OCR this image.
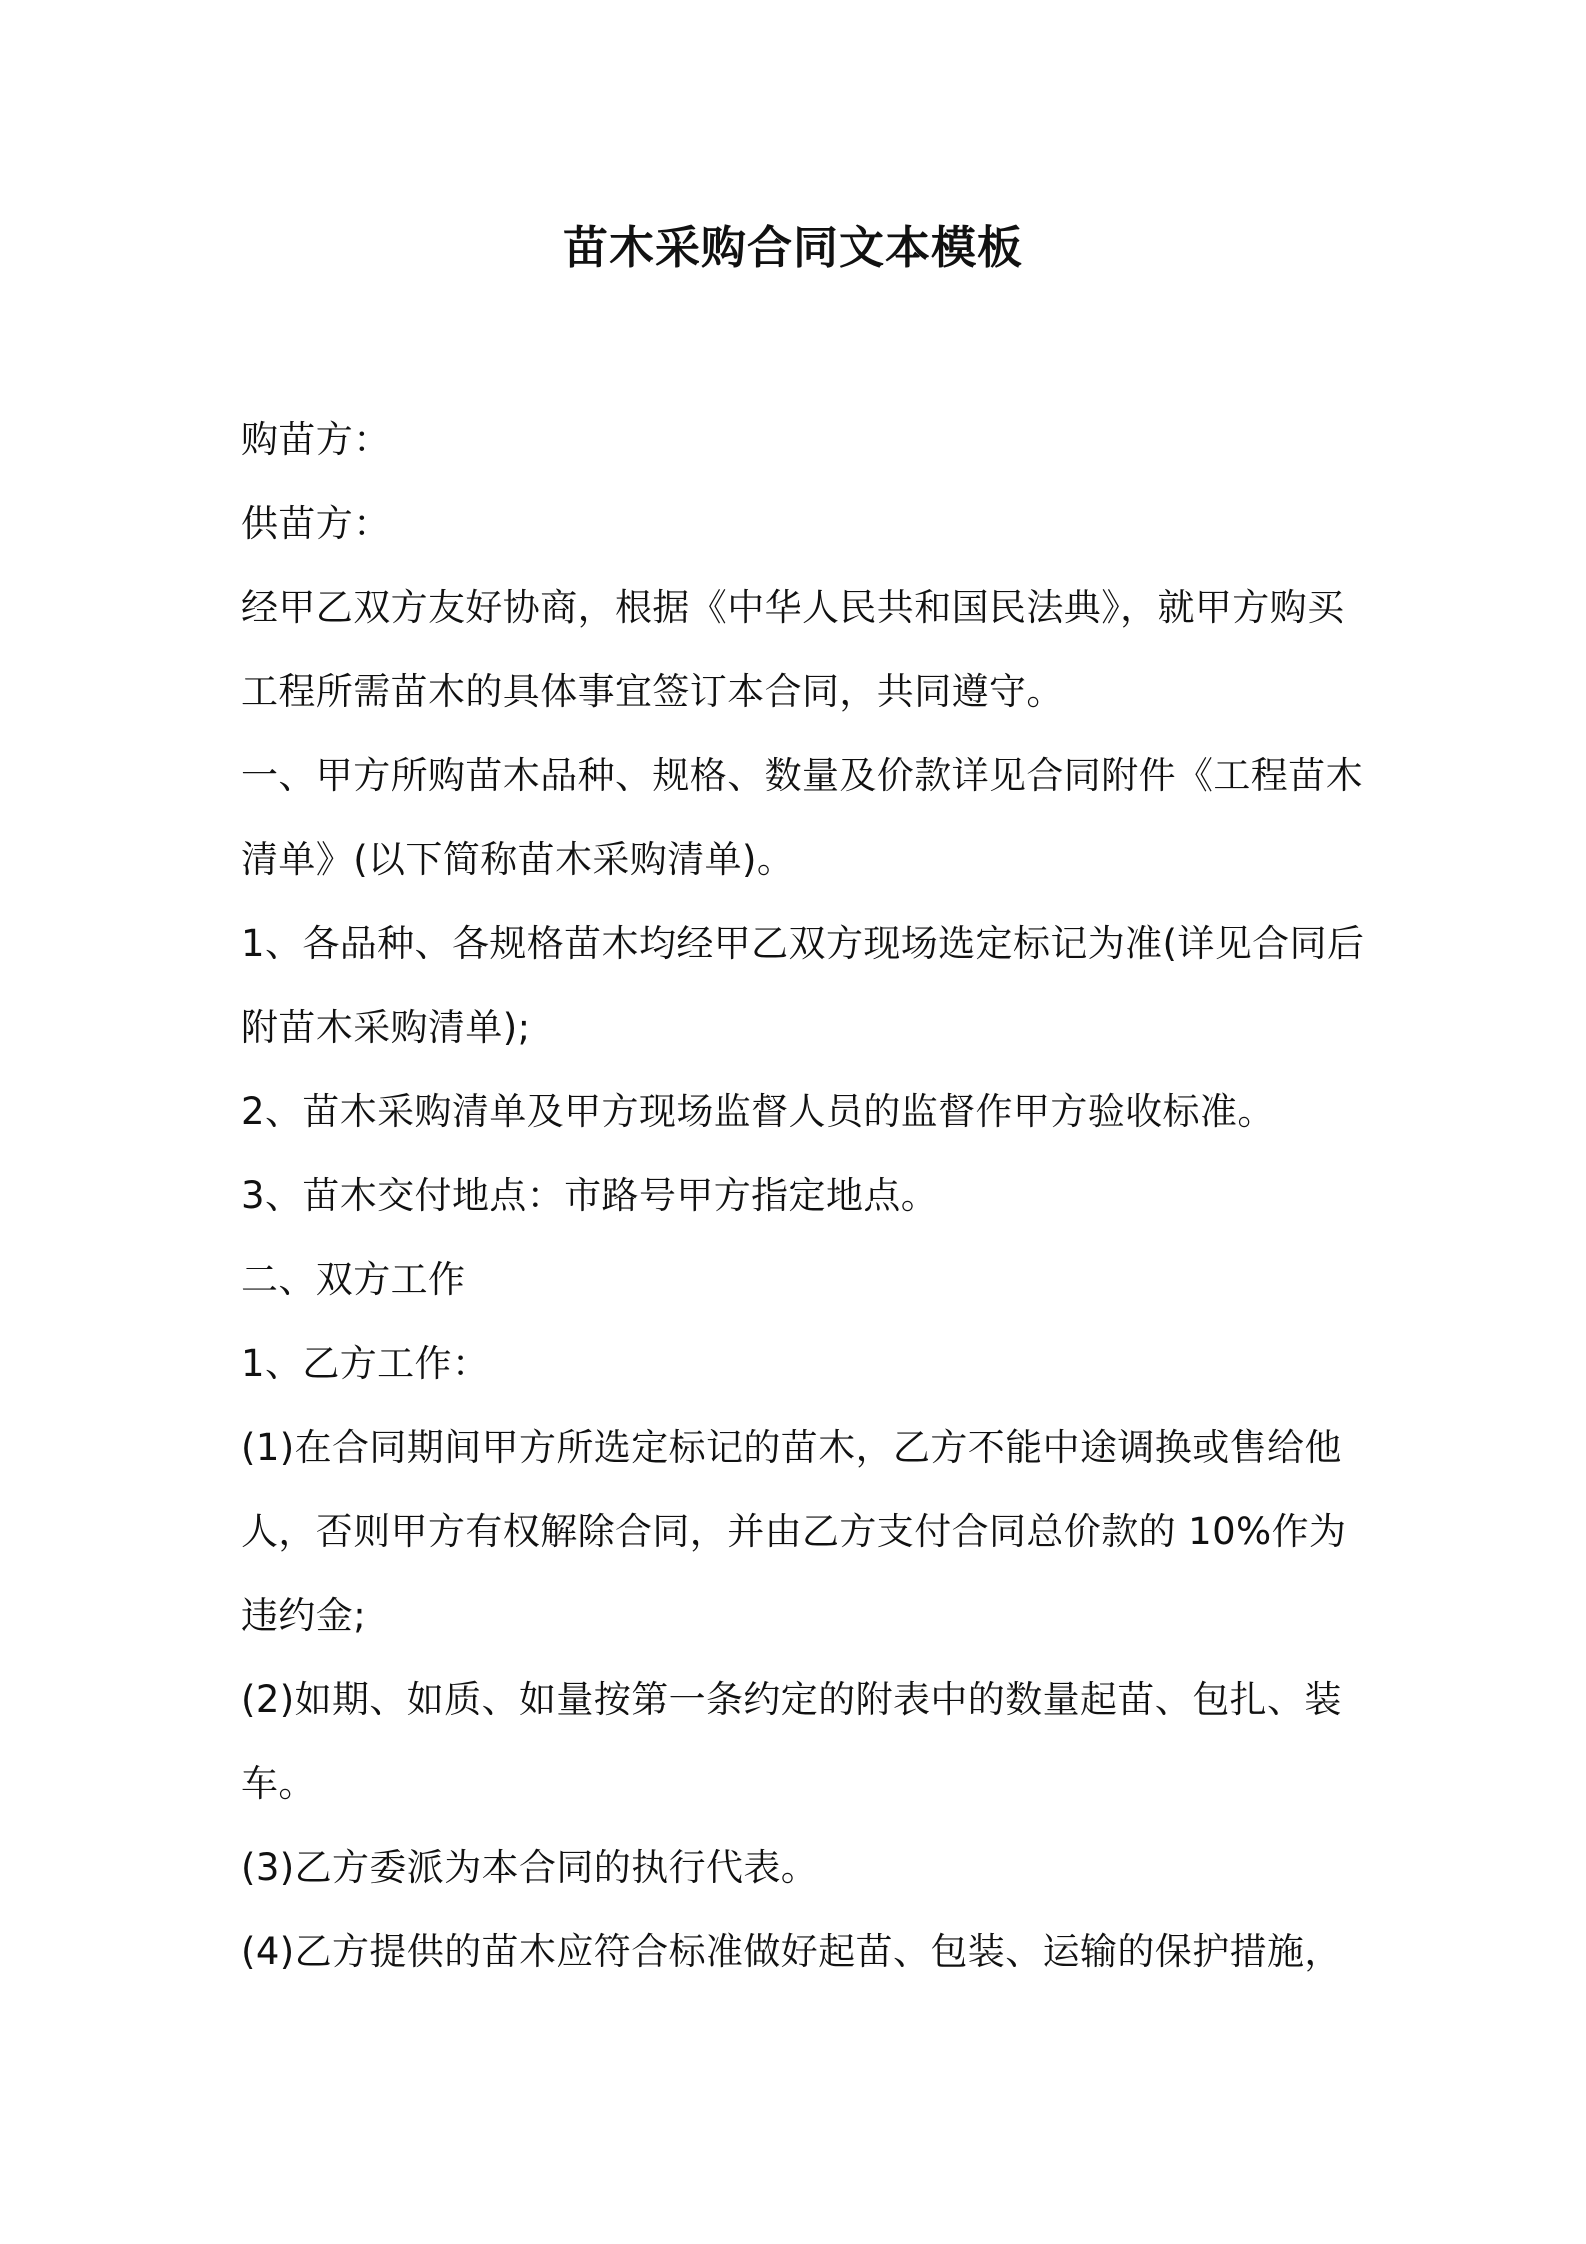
苗木采购合同文本模板

购苗方：

供苗方：

经甲乙双方友好协商，根据《中华人民共和国民法典》，就甲方购买

工程所需苗木的具体事宜签订本合同，共同遵守。

一、甲方所购苗木品种、规格、数量及价款详见合同附件《工程苗木

清单》(以下简称苗木采购清单)。

1、各品种、各规格苗木均经甲乙双方现场选定标记为准(详见合同后

附苗木采购清单);

2、苗木采购清单及甲方现场监督人员的监督作甲方验收标准。

3、苗木交付地点：市路号甲方指定地点。

二、双方工作

1、乙方工作：

(1)在合同期间甲方所选定标记的苗木，乙方不能中途调换或售给他

人，否则甲方有权解除合同，并由乙方支付合同总价款的 10%作为

违约金;

(2)如期、如质、如量按第一条约定的附表中的数量起苗、包扎、装

车。

(3)乙方委派为本合同的执行代表。

(4)乙方提供的苗木应符合标准做好起苗、包装、运输的保护措施，
